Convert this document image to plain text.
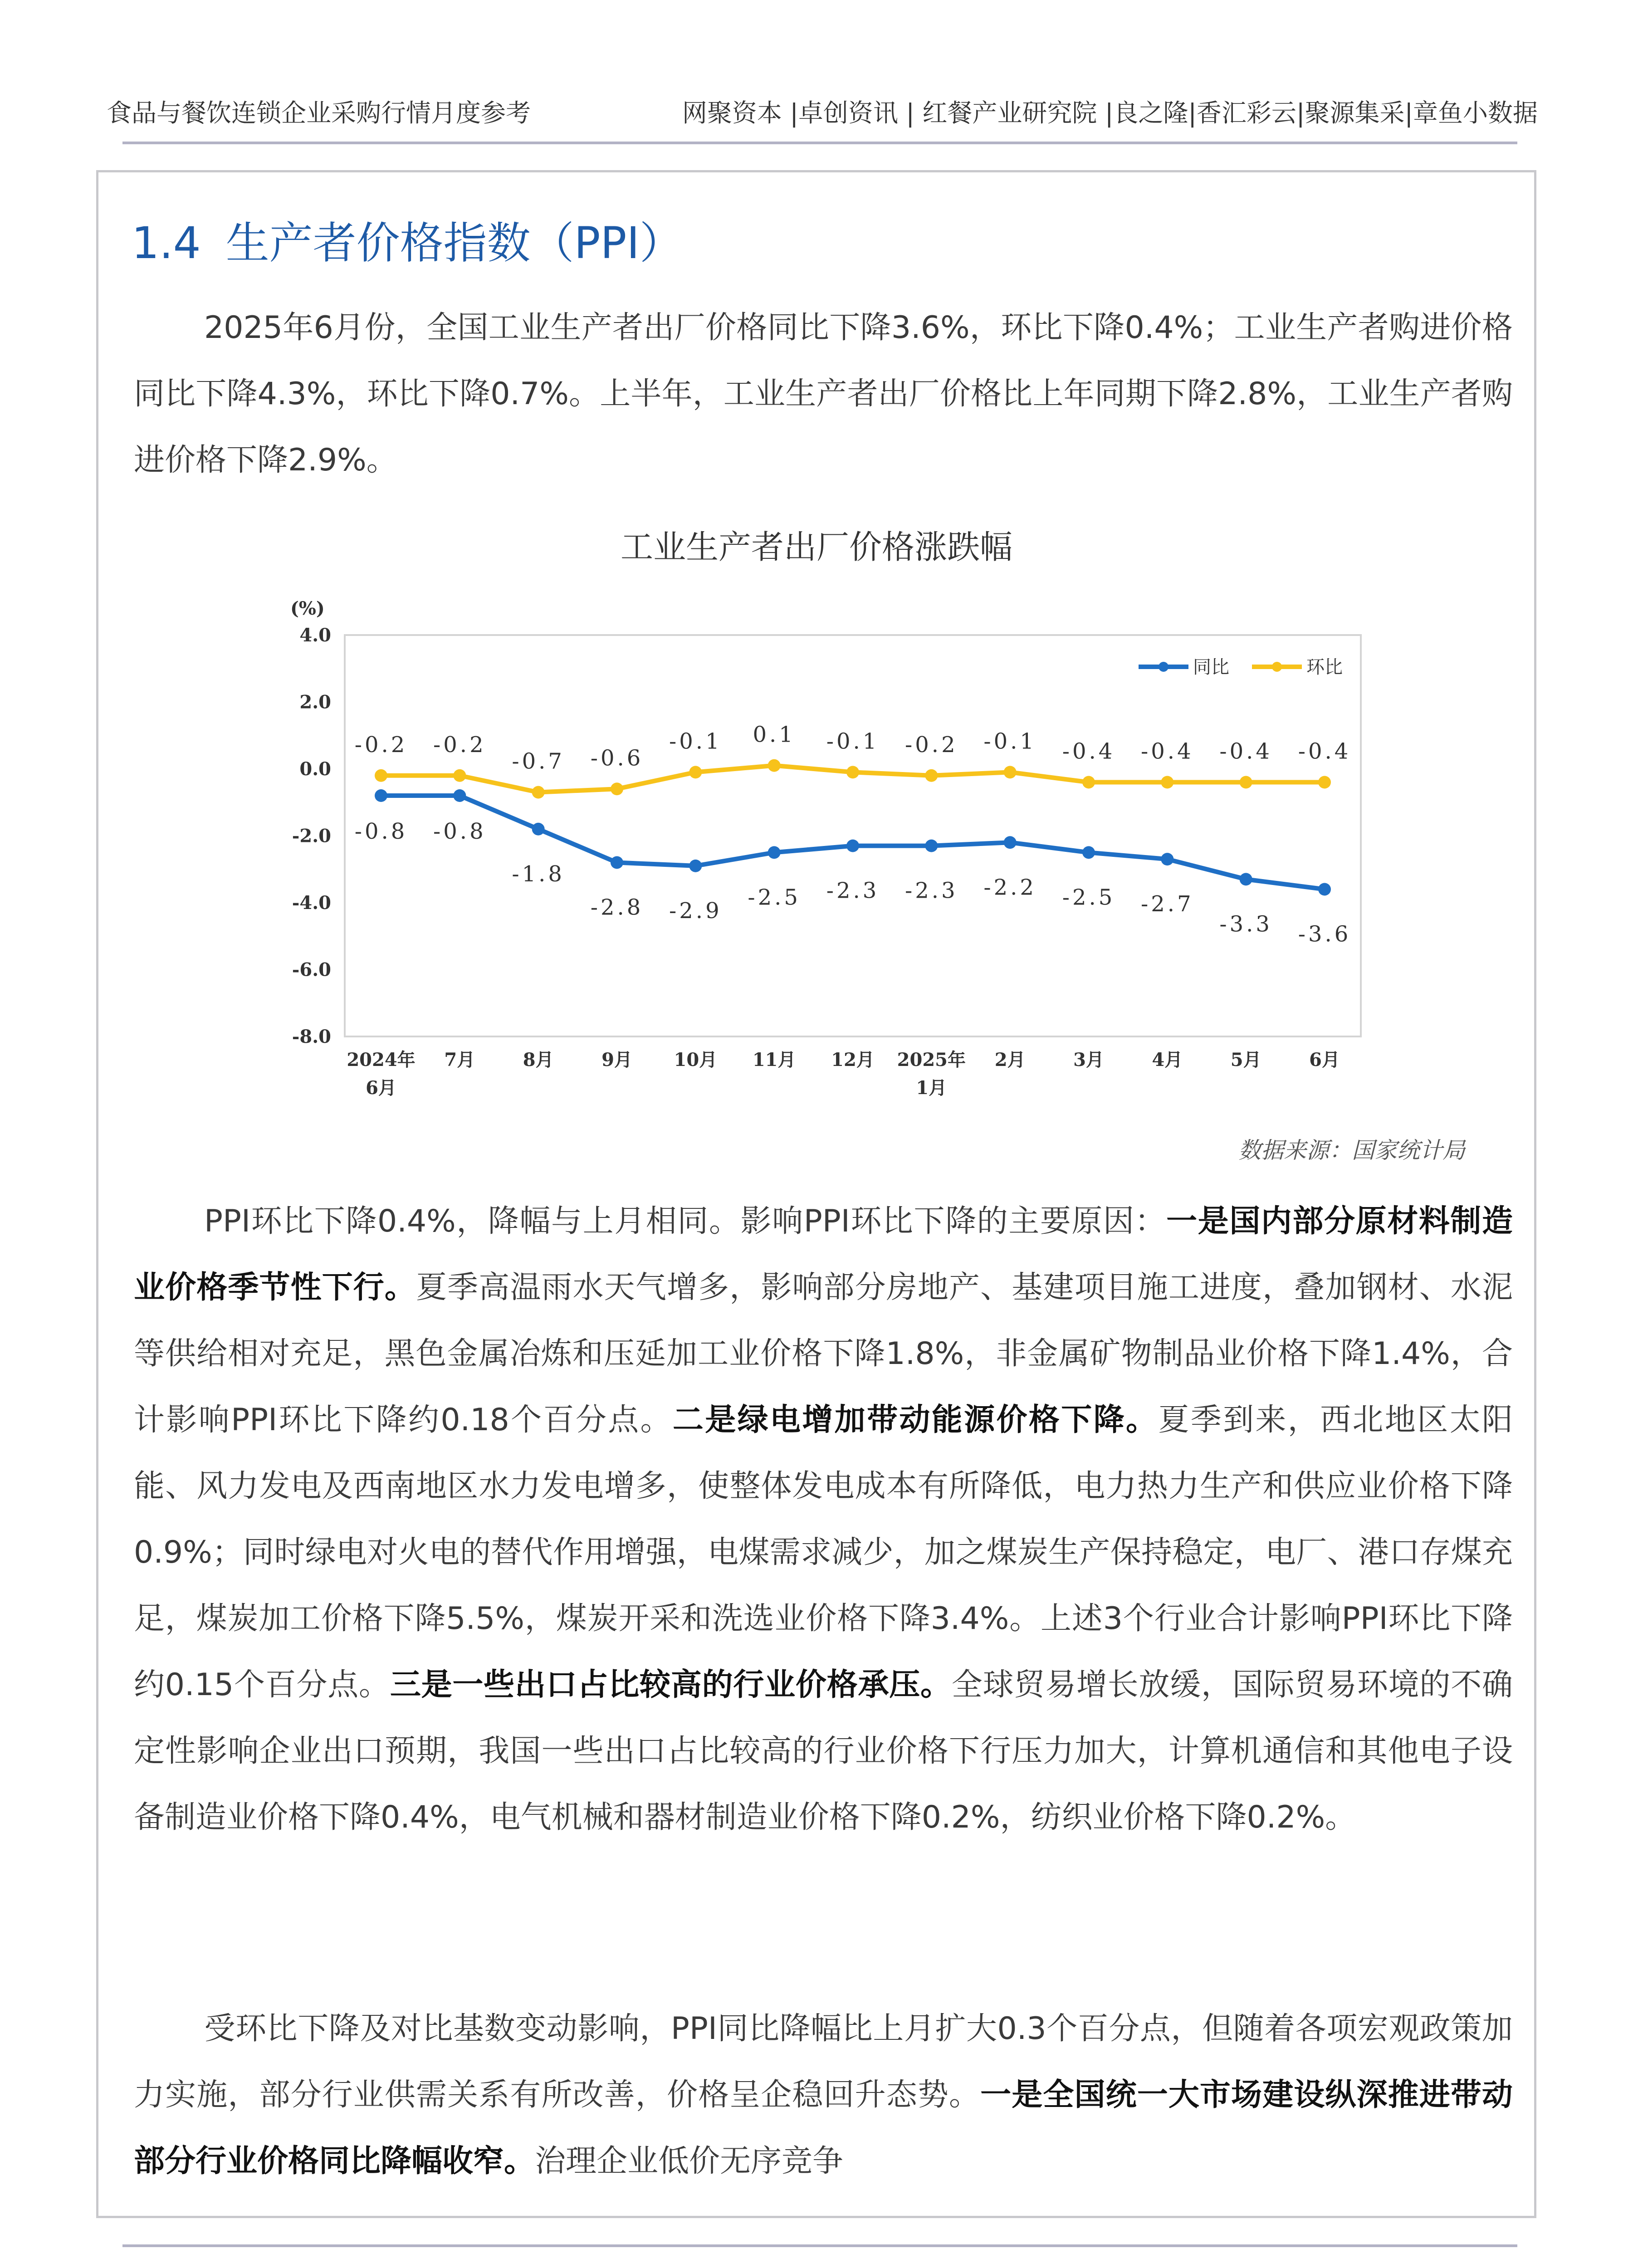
食品与餐饮连锁企业采购行情月度参考	网聚资本 |卓创资讯 | 红餐产业研究院 |良之隆|香汇彩云|聚源集采|章鱼小数据
1.4 生产者价格指数（PPI）

2025年6月份，全国工业生产者出厂价格同比下降3.6%，环比下降0.4%；工业生产者购进价格同比下降4.3%，环比下降0.7%。上半年，工业生产者出厂价格比上年同期下降2.8%，工业生产者购进价格下降2.9%。

工业生产者出厂价格涨跌幅
(%)
4.0
2.0
0.0
-2.0
-4.0
-6.0
-8.0
2024年
6月
7月	8月	9月 10月 11月 12月 2025年
1月
2月	3月	4月	5月	6月
同比	环比
-0.8 -0.8
-1.8
-2.8 -2.9
-2.5 -2.3 -2.3 -2.2 -2.5 -2.7
-3.3 -3.6
-0.2 -0.2
-0.7 -0.6
-0.1 0.1 -0.1 -0.2 -0.1 -0.4 -0.4 -0.4 -0.4
数据来源：国家统计局

PPI环比下降0.4%，降幅与上月相同。影响PPI环比下降的主要原因：一是国内部分原材料制造业价格季节性下行。夏季高温雨水天气增多，影响部分房地产、基建项目施工进度，叠加钢材、水泥等供给相对充足，黑色金属冶炼和压延加工业价格下降1.8%，非金属矿物制品业价格下降1.4%，合计影响PPI环比下降约0.18个百分点。二是绿电增加带动能源价格下降。夏季到来，西北地区太阳能、风力发电及西南地区水力发电增多，使整体发电成本有所降低，电力热力生产和供应业价格下降0.9%；同时绿电对火电的替代作用增强，电煤需求减少，加之煤炭生产保持稳定，电厂、港口存煤充足，煤炭加工价格下降5.5%，煤炭开采和洗选业价格下降3.4%。上述3个行业合计影响PPI环比下降约0.15个百分点。三是一些出口占比较高的行业价格承压。全球贸易增长放缓，国际贸易环境的不确定性影响企业出口预期，我国一些出口占比较高的行业价格下行压力加大，计算机通信和其他电子设备制造业价格下降0.4%，电气机械和器材制造业价格下降0.2%，纺织业价格下降0.2%。

受环比下降及对比基数变动影响，PPI同比降幅比上月扩大0.3个百分点，但随着各项宏观政策加力实施，部分行业供需关系有所改善，价格呈企稳回升态势。一是全国统一大市场建设纵深推进带动部分行业价格同比降幅收窄。治理企业低价无序竞争
